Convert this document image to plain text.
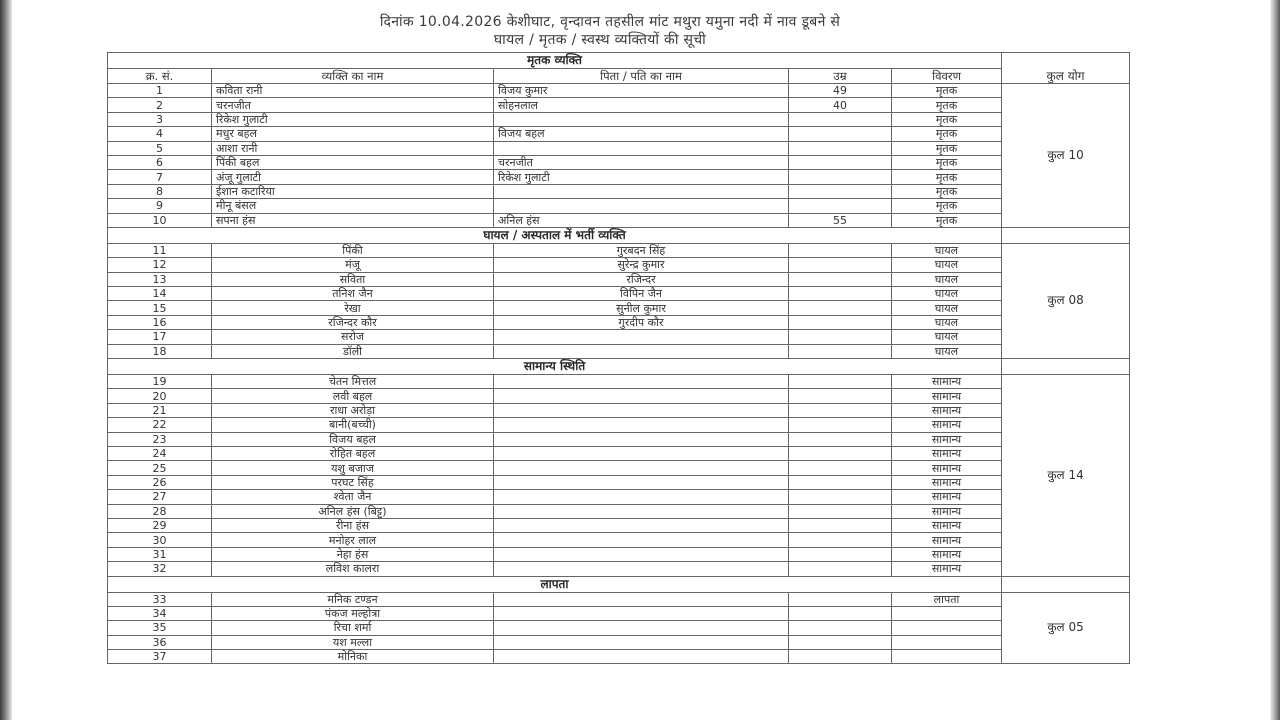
दिनांक 10.04.2026 केशीघाट, वृन्दावन तहसील मांट मथुरा यमुना नदी में नाव डूबने से
घायल / मृतक / स्वस्थ व्यक्तियों की सूची
मृतक व्यक्ति					कुल योग
क्र. सं.	व्यक्ति का नाम	पिता / पति का नाम	उम्र	विवरण	
1	कविता रानी	विजय कुमार	49	मृतक	कुल 10
2	चरनजीत	सोहनलाल	40	मृतक	
3	रिकेश गुलाटी			मृतक	
4	मधुर बहल	विजय बहल		मृतक	
5	आशा रानी			मृतक	
6	पिंकी बहल	चरनजीत		मृतक	
7	अंजू गुलाटी	रिकेश गुलाटी		मृतक	
8	ईशान कटारिया			मृतक	
9	मीनू बंसल			मृतक	
10	सपना हंस	अनिल हंस	55	मृतक	
घायल / अस्पताल में भर्ती व्यक्ति					
11	पिंकी	गुरबदन सिंह		घायल	कुल 08
12	मंजू	सुरेन्द्र कुमार		घायल	
13	सविता	रजिन्दर		घायल	
14	तनिश जैन	विपिन जैन		घायल	
15	रेखा	सुनील कुमार		घायल	
16	रजिन्दर कौर	गुरदीप कौर		घायल	
17	सरोज			घायल	
18	डॉली			घायल	
सामान्य स्थिति					
19	चेतन मित्तल			सामान्य	कुल 14
20	लवी बहल			सामान्य	
21	राधा अरोड़ा			सामान्य	
22	बानी(बच्ची)			सामान्य	
23	विजय बहल			सामान्य	
24	रोहित बहल			सामान्य	
25	यशु बजाज			सामान्य	
26	परघट सिंह			सामान्य	
27	श्वेता जैन			सामान्य	
28	अनिल हंस (बिट्टू)			सामान्य	
29	रीना हंस			सामान्य	
30	मनोहर लाल			सामान्य	
31	नेहा हंस			सामान्य	
32	लविश कालरा			सामान्य	
लापता					
33	मनिक टण्डन			लापता	कुल 05
34	पंकज मल्होत्रा				
35	रिचा शर्मा				
36	यश मल्ला				
37	मोनिका				
